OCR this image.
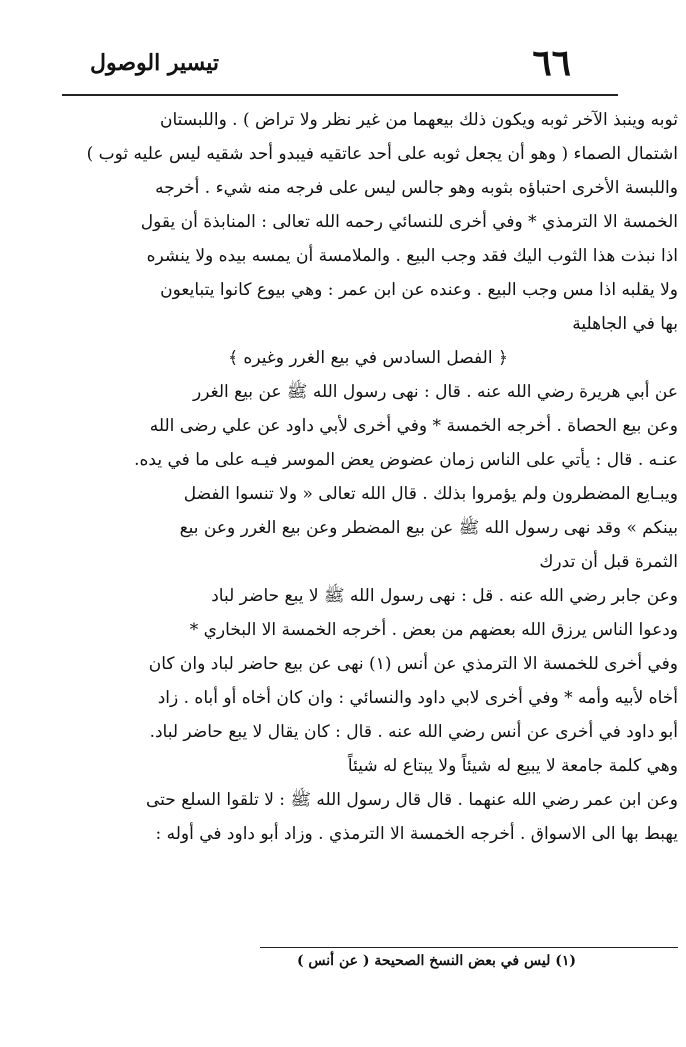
٦٦
تيسير الوصول
ثوبه وينبذ الآخر ثوبه ويكون ذلك بيعهما من غير نظر ولا تراض ) . واللبستان
اشتمال الصماء ( وهو أن يجعل ثوبه على أحد عاتقيه فيبدو أحد شقيه ليس عليه ثوب )
واللبسة الأخرى احتباؤه بثوبه وهو جالس ليس على فرجه منه شيء . أخرجه
الخمسة الا الترمذي * وفي أخرى للنسائي رحمه الله تعالى : المنابذة أن يقول
اذا نبذت هذا الثوب اليك فقد وجب البيع . والملامسة أن يمسه بيده ولا ينشره
ولا يقلبه اذا مس وجب البيع . وعنده عن ابن عمر : وهي بيوع كانوا يتبايعون
بها في الجاهلية
﴿ الفصل السادس في بيع الغرر وغيره ﴾
عن أبي هريرة رضي الله عنه . قال : نهى رسول الله ﷺ عن بيع الغرر
وعن بيع الحصاة . أخرجه الخمسة * وفي أخرى لأبي داود عن علي رضى الله
عنـه . قال : يأتي على الناس زمان عضوض يعض الموسر فيـه على ما في يده.
ويبـايع المضطرون ولم يؤمروا بذلك . قال الله تعالى « ولا تنسوا الفضل
بينكم » وقد نهى رسول الله ﷺ عن بيع المضطر وعن بيع الغرر وعن بيع
الثمرة قبل أن تدرك
وعن جابر رضي الله عنه . قل : نهى رسول الله ﷺ لا يبع حاضر لباد
ودعوا الناس يرزق الله بعضهم من بعض . أخرجه الخمسة الا البخاري *
وفي أخرى للخمسة الا الترمذي عن أنس (١) نهى عن بيع حاضر لباد وان كان
أخاه لأبيه وأمه * وفي أخرى لابي داود والنسائي : وان كان أخاه أو أباه . زاد
أبو داود في أخرى عن أنس رضي الله عنه . قال : كان يقال لا يبع حاضر لباد.
وهي كلمة جامعة لا يبيع له شيئاً ولا يبتاع له شيئاً
وعن ابن عمر رضي الله عنهما . قال قال رسول الله ﷺ : لا تلقوا السلع حتى
يهبط بها الى الاسواق . أخرجه الخمسة الا الترمذي . وزاد أبو داود في أوله :
(١) ليس في بعض النسخ الصحيحة ( عن أنس )
